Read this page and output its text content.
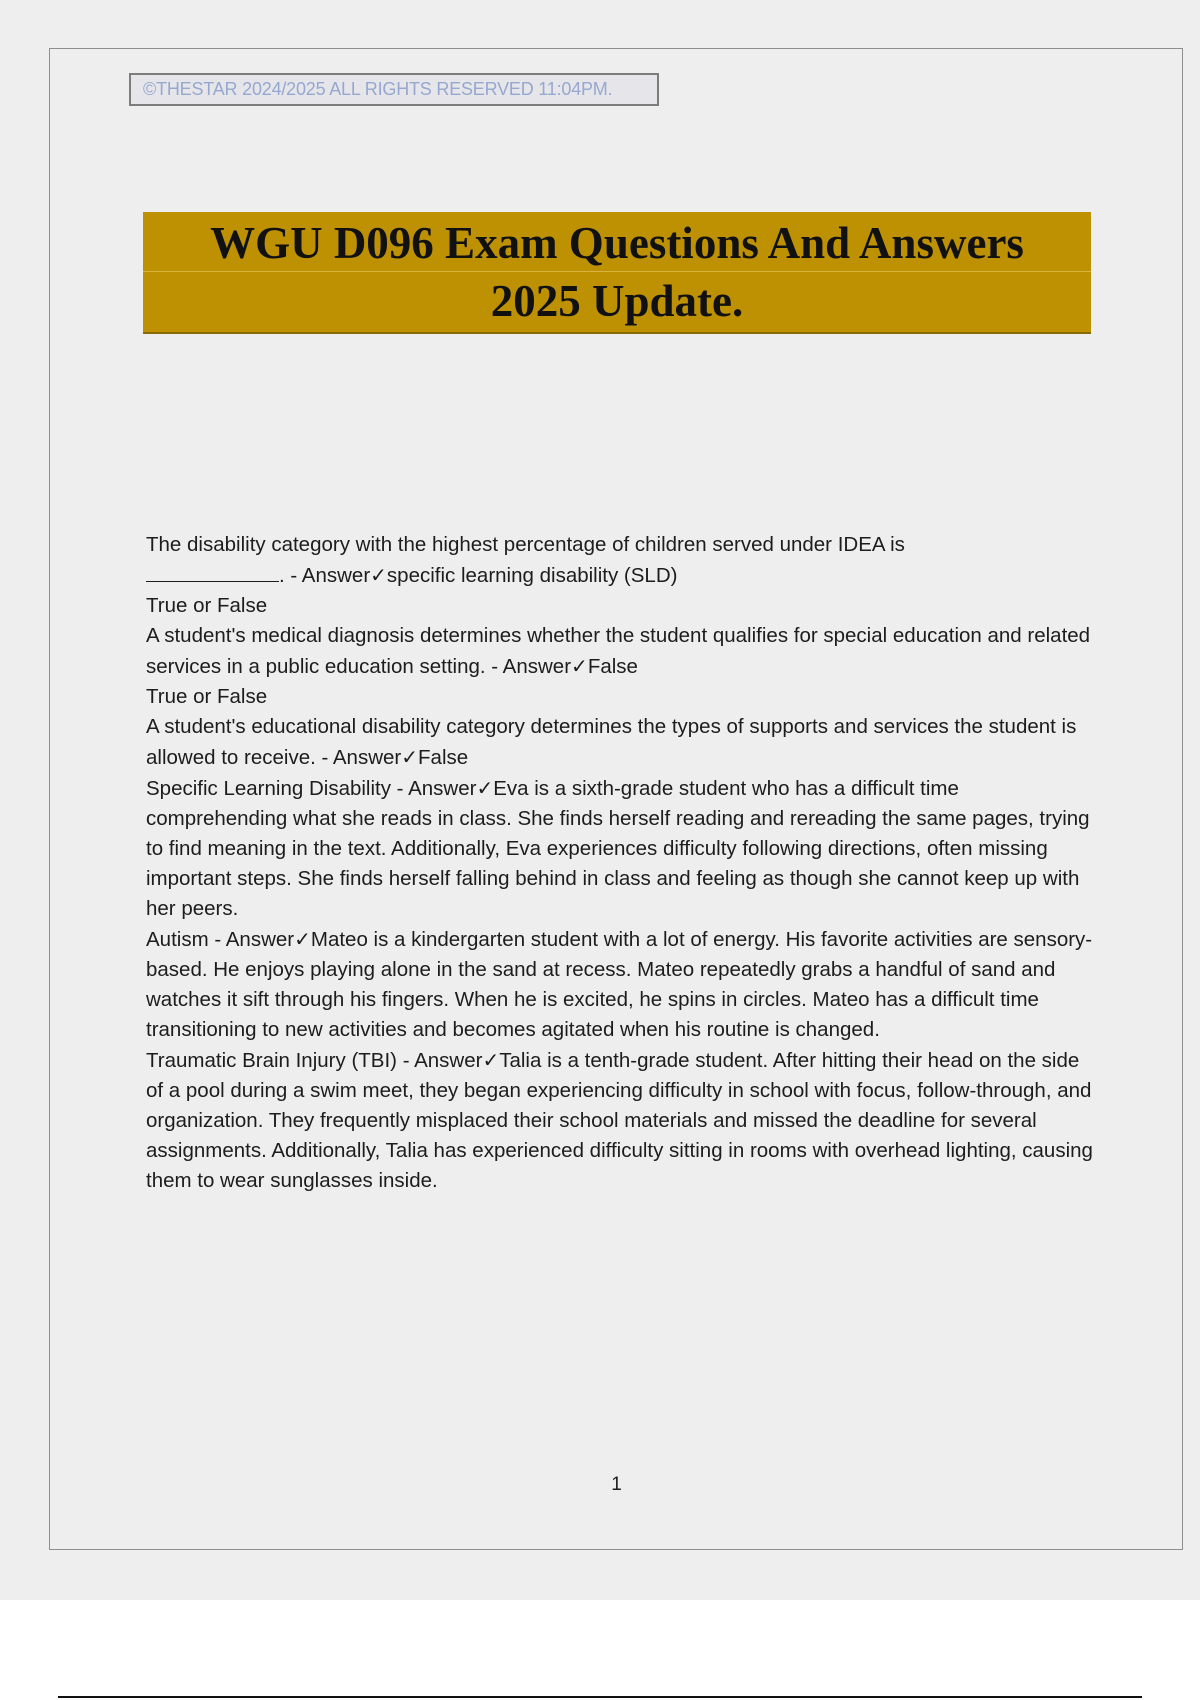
©THESTAR 2024/2025 ALL RIGHTS RESERVED 11:04PM.
WGU D096 Exam Questions And Answers
2025 Update.

The disability category with the highest percentage of children served under IDEA is
. - Answer✓specific learning disability (SLD)

True or False

A student's medical diagnosis determines whether the student qualifies for special education and related services in a public education setting. - Answer✓False

True or False

A student's educational disability category determines the types of supports and services the student is allowed to receive. - Answer✓False

Specific Learning Disability - Answer✓Eva is a sixth-grade student who has a difficult time comprehending what she reads in class. She finds herself reading and rereading the same pages, trying to find meaning in the text. Additionally, Eva experiences difficulty following directions, often missing important steps. She finds herself falling behind in class and feeling as though she cannot keep up with her peers.

Autism - Answer✓Mateo is a kindergarten student with a lot of energy. His favorite activities are sensory-based. He enjoys playing alone in the sand at recess. Mateo repeatedly grabs a handful of sand and watches it sift through his fingers. When he is excited, he spins in circles. Mateo has a difficult time transitioning to new activities and becomes agitated when his routine is changed.

Traumatic Brain Injury (TBI) - Answer✓Talia is a tenth-grade student. After hitting their head on the side of a pool during a swim meet, they began experiencing difficulty in school with focus, follow-through, and organization. They frequently misplaced their school materials and missed the deadline for several assignments. Additionally, Talia has experienced difficulty sitting in rooms with overhead lighting, causing them to wear sunglasses inside.

1
